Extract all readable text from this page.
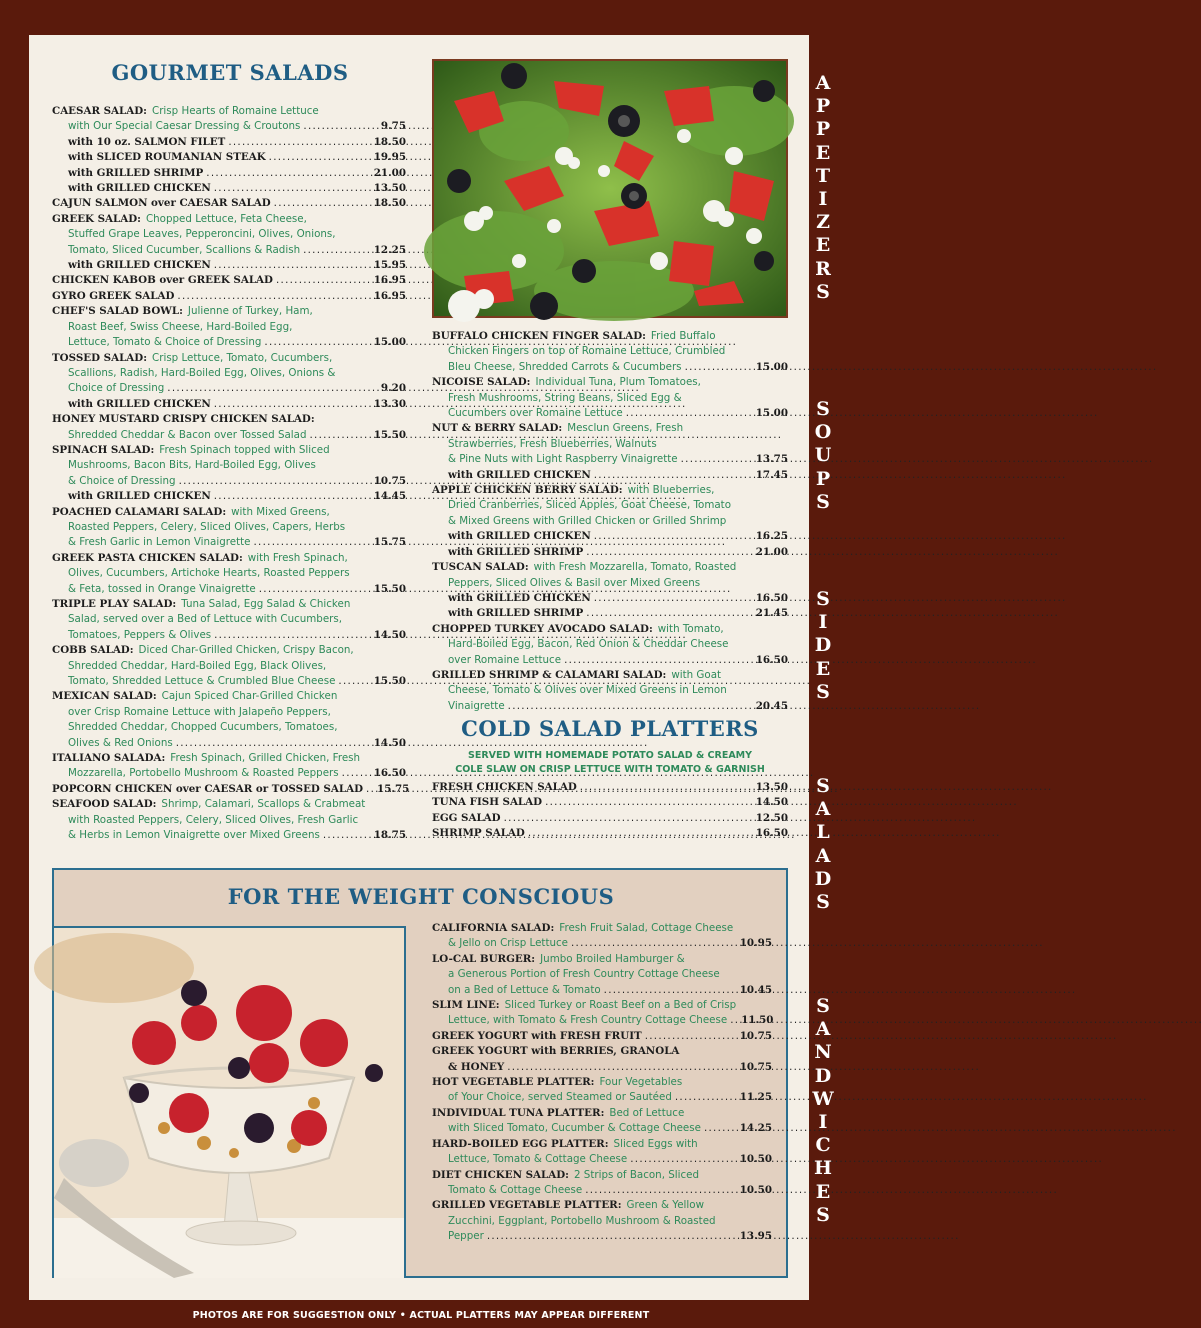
GOURMET SALADS
CAESAR SALAD: Crisp Hearts of Romaine Lettuce
with Our Special Caesar Dressing & Croutons . . .	9.75
with 10 oz. SALMON FILET . . .	18.50
with SLICED ROUMANIAN STEAK . . .	19.95
with GRILLED SHRIMP . . .	21.00
with GRILLED CHICKEN . . .	13.50
CAJUN SALMON over CAESAR SALAD . . .	18.50
GREEK SALAD: Chopped Lettuce, Feta Cheese,
Stuffed Grape Leaves, Pepperoncini, Olives, Onions,
Tomato, Sliced Cucumber, Scallions & Radish . . .	12.25
with GRILLED CHICKEN . . .	15.95
CHICKEN KABOB over GREEK SALAD . . .	16.95
GYRO GREEK SALAD . . .	16.95
CHEF'S SALAD BOWL: Julienne of Turkey, Ham,
Roast Beef, Swiss Cheese, Hard-Boiled Egg,
Lettuce, Tomato & Choice of Dressing . . .	15.00
TOSSED SALAD: Crisp Lettuce, Tomato, Cucumbers,
Scallions, Radish, Hard-Boiled Egg, Olives, Onions &
Choice of Dressing . . .	9.20
with GRILLED CHICKEN . . .	13.30
HONEY MUSTARD CRISPY CHICKEN SALAD:
Shredded Cheddar & Bacon over Tossed Salad . . .	15.50
SPINACH SALAD: Fresh Spinach topped with Sliced
Mushrooms, Bacon Bits, Hard-Boiled Egg, Olives
& Choice of Dressing . . .	10.75
with GRILLED CHICKEN . . .	14.45
POACHED CALAMARI SALAD: with Mixed Greens,
Roasted Peppers, Celery, Sliced Olives, Capers, Herbs
& Fresh Garlic in Lemon Vinaigrette . . .	15.75
GREEK PASTA CHICKEN SALAD: with Fresh Spinach,
Olives, Cucumbers, Artichoke Hearts, Roasted Peppers
& Feta, tossed in Orange Vinaigrette . . .	15.50
TRIPLE PLAY SALAD: Tuna Salad, Egg Salad & Chicken
Salad, served over a Bed of Lettuce with Cucumbers,
Tomatoes, Peppers & Olives . . .	14.50
COBB SALAD: Diced Char-Grilled Chicken, Crispy Bacon,
Shredded Cheddar, Hard-Boiled Egg, Black Olives,
Tomato, Shredded Lettuce & Crumbled Blue Cheese . . .	15.50
MEXICAN SALAD: Cajun Spiced Char-Grilled Chicken
over Crisp Romaine Lettuce with Jalapeño Peppers,
Shredded Cheddar, Chopped Cucumbers, Tomatoes,
Olives & Red Onions . . .	14.50
ITALIANO SALADA: Fresh Spinach, Grilled Chicken, Fresh
Mozzarella, Portobello Mushroom & Roasted Peppers . . .	16.50
POPCORN CHICKEN over CAESAR or TOSSED SALAD . . . 15.75
SEAFOOD SALAD: Shrimp, Calamari, Scallops & Crabmeat
with Roasted Peppers, Celery, Sliced Olives, Fresh Garlic
& Herbs in Lemon Vinaigrette over Mixed Greens . . .	18.75
BUFFALO CHICKEN FINGER SALAD: Fried Buffalo
Chicken Fingers on top of Romaine Lettuce, Crumbled
Bleu Cheese, Shredded Carrots & Cucumbers . . .	15.00
NICOISE SALAD: Individual Tuna, Plum Tomatoes,
Fresh Mushrooms, String Beans, Sliced Egg &
Cucumbers over Romaine Lettuce . . .	15.00
NUT & BERRY SALAD: Mesclun Greens, Fresh
Strawberries, Fresh Blueberries, Walnuts
& Pine Nuts with Light Raspberry Vinaigrette . . .	13.75
with GRILLED CHICKEN . . .	17.45
APPLE CHICKEN BERRY SALAD: with Blueberries,
Dried Cranberries, Sliced Apples, Goat Cheese, Tomato
& Mixed Greens with Grilled Chicken or Grilled Shrimp
with GRILLED CHICKEN . . .	16.25
with GRILLED SHRIMP . . .	21.00
TUSCAN SALAD: with Fresh Mozzarella, Tomato, Roasted
Peppers, Sliced Olives & Basil over Mixed Greens
with GRILLED CHICKEN . . .	16.50
with GRILLED SHRIMP . . .	21.45
CHOPPED TURKEY AVOCADO SALAD: with Tomato,
Hard-Boiled Egg, Bacon, Red Onion & Cheddar Cheese
over Romaine Lettuce . . .	16.50
GRILLED SHRIMP & CALAMARI SALAD: with Goat
Cheese, Tomato & Olives over Mixed Greens in Lemon
Vinaigrette . . .	20.45
COLD SALAD PLATTERS
SERVED WITH HOMEMADE POTATO SALAD & CREAMY
COLE SLAW ON CRISP LETTUCE WITH TOMATO & GARNISH
FRESH CHICKEN SALAD . . .	13.50
TUNA FISH SALAD . . .	14.50
EGG SALAD . . .	12.50
SHRIMP SALAD . . .	16.50
FOR THE WEIGHT CONSCIOUS
CALIFORNIA SALAD: Fresh Fruit Salad, Cottage Cheese
& Jello on Crisp Lettuce . . .	10.95
LO-CAL BURGER: Jumbo Broiled Hamburger &
a Generous Portion of Fresh Country Cottage Cheese
on a Bed of Lettuce & Tomato . . .	10.45
SLIM LINE: Sliced Turkey or Roast Beef on a Bed of Crisp
Lettuce, with Tomato & Fresh Country Cottage Cheese . . . 11.50
GREEK YOGURT with FRESH FRUIT . . .	10.75
GREEK YOGURT with BERRIES, GRANOLA
& HONEY . . .	10.75
HOT VEGETABLE PLATTER: Four Vegetables
of Your Choice, served Steamed or Sautéed . . .	11.25
INDIVIDUAL TUNA PLATTER: Bed of Lettuce
with Sliced Tomato, Cucumber & Cottage Cheese . . .	14.25
HARD-BOILED EGG PLATTER: Sliced Eggs with
Lettuce, Tomato & Cottage Cheese . . .	10.50
DIET CHICKEN SALAD: 2 Strips of Bacon, Sliced
Tomato & Cottage Cheese . . .	10.50
GRILLED VEGETABLE PLATTER: Green & Yellow
Zucchini, Eggplant, Portobello Mushroom & Roasted
Pepper . . .	13.95
A
P
P
E
T
I
Z
E
R
S
S
O
U
P
S
S
I
D
E
S
S
A
L
A
D
S
S
A
N
D
W
I
C
H
E
S
PHOTOS ARE FOR SUGGESTION ONLY • ACTUAL PLATTERS MAY APPEAR DIFFERENT
